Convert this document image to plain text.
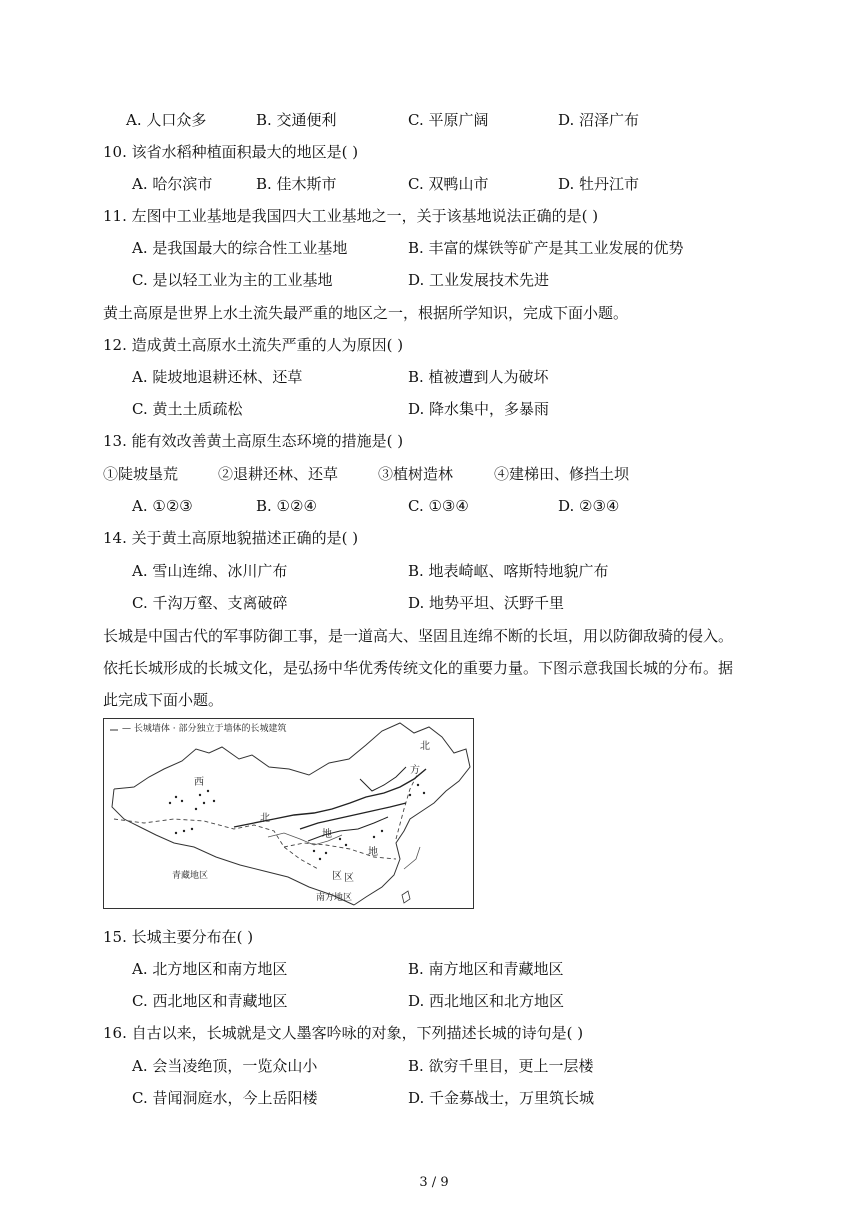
A. 人口众多	B. 交通便利	C. 平原广阔	D. 沼泽广布
10. 该省水稻种植面积最大的地区是( )
A. 哈尔滨市	B. 佳木斯市	C. 双鸭山市	D. 牡丹江市
11. 左图中工业基地是我国四大工业基地之一，关于该基地说法正确的是( )
A. 是我国最大的综合性工业基地	B. 丰富的煤铁等矿产是其工业发展的优势
C. 是以轻工业为主的工业基地	D. 工业发展技术先进
黄土高原是世界上水土流失最严重的地区之一，根据所学知识，完成下面小题。
12. 造成黄土高原水土流失严重的人为原因( )
A. 陡坡地退耕还林、还草	B. 植被遭到人为破坏
C. 黄土土质疏松	D. 降水集中，多暴雨
13. 能有效改善黄土高原生态环境的措施是( )
①陡坡垦荒	②退耕还林、还草	③植树造林	④建梯田、修挡土坝
A. ①②③	B. ①②④	C. ①③④	D. ②③④
14. 关于黄土高原地貌描述正确的是( )
A. 雪山连绵、冰川广布	B. 地表崎岖、喀斯特地貌广布
C. 千沟万壑、支离破碎	D. 地势平坦、沃野千里
长城是中国古代的军事防御工事，是一道高大、坚固且连绵不断的长垣，用以防御敌骑的侵入。
依托长城形成的长城文化，是弘扬中华优秀传统文化的重要力量。下图示意我国长城的分布。据
此完成下面小题。
— 长城墙体 · 部分独立于墙体的长城建筑
西
北
北
方
地
青藏地区
南方地区
区
地
区
15. 长城主要分布在( )
A. 北方地区和南方地区	B. 南方地区和青藏地区
C. 西北地区和青藏地区	D. 西北地区和北方地区
16. 自古以来，长城就是文人墨客吟咏的对象，下列描述长城的诗句是( )
A. 会当凌绝顶，一览众山小	B. 欲穷千里目，更上一层楼
C. 昔闻洞庭水，今上岳阳楼	D. 千金募战士，万里筑长城
3 / 9
